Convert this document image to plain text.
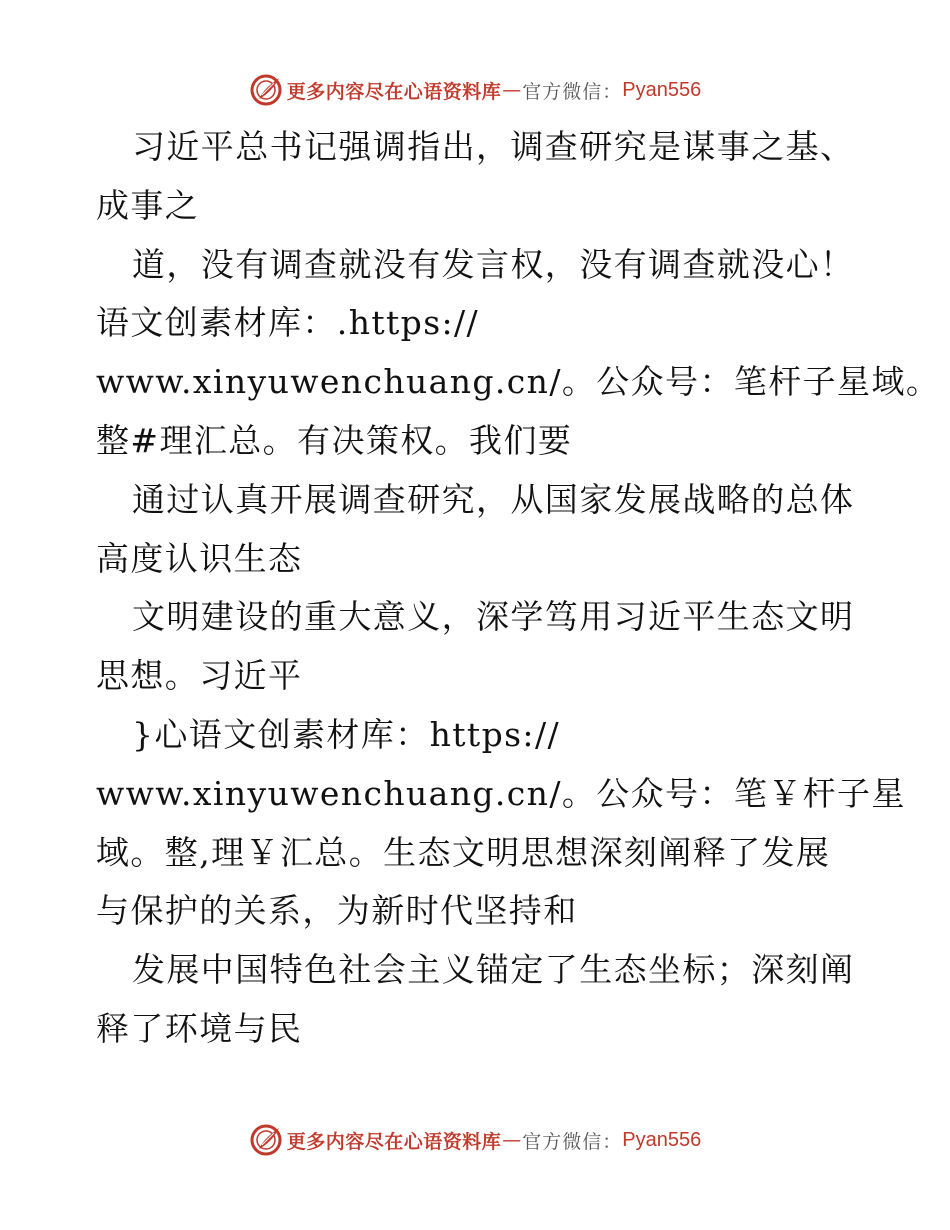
更多内容尽在心语资料库 — 官方微信： Pyan556
习近平总书记强调指出，调查研究是谋事之基、
成事之
道，没有调查就没有发言权，没有调查就没心！
语文创素材库：.https://
www.xinyuwenchuang.cn/。公众号：笔杆子星域。
整#理汇总。有决策权。我们要
通过认真开展调查研究，从国家发展战略的总体
高度认识生态
文明建设的重大意义，深学笃用习近平生态文明
思想。习近平
}心语文创素材库：https://
www.xinyuwenchuang.cn/。公众号：笔￥杆子星
域。整,理￥汇总。生态文明思想深刻阐释了发展
与保护的关系，为新时代坚持和
发展中国特色社会主义锚定了生态坐标；深刻阐
释了环境与民
更多内容尽在心语资料库 — 官方微信： Pyan556
